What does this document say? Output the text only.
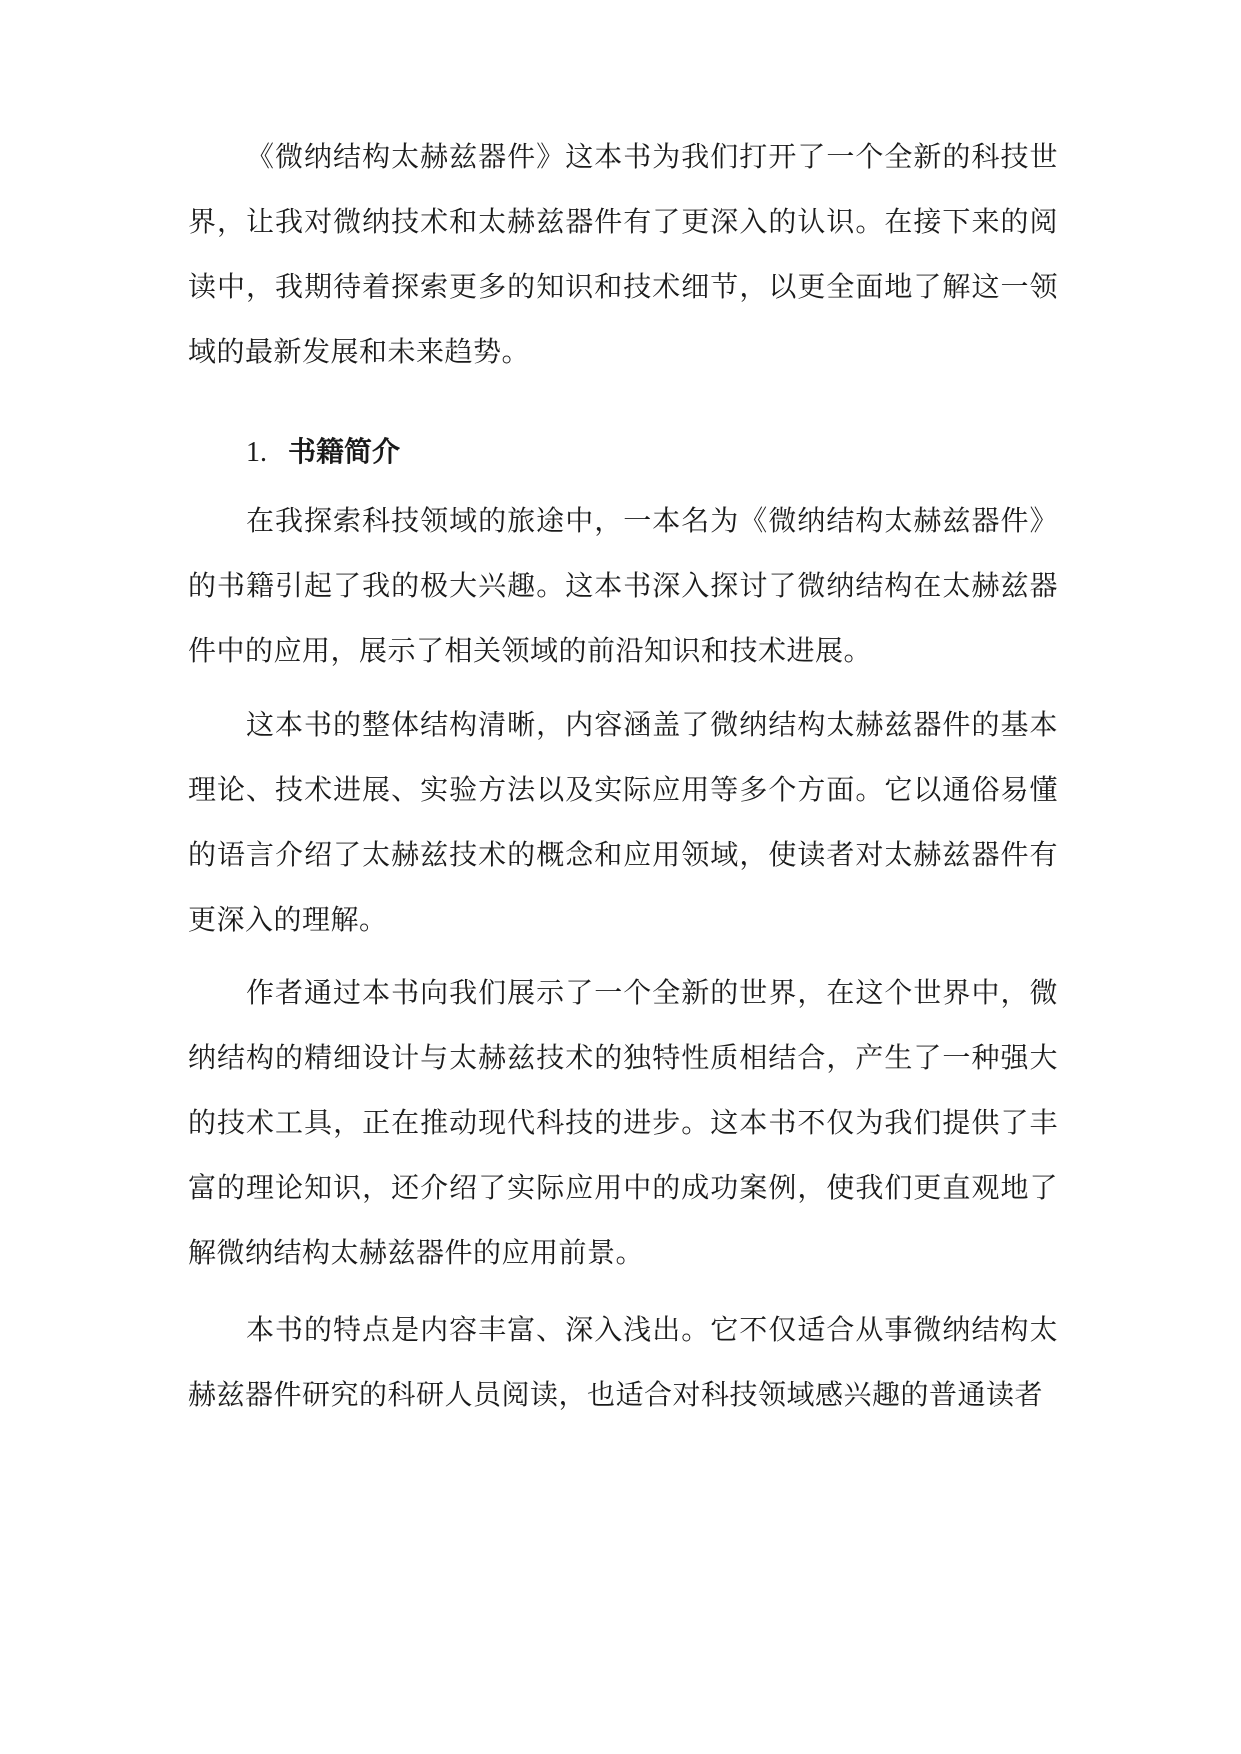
《微纳结构太赫兹器件》这本书为我们打开了一个全新的科技世界，让我对微纳技术和太赫兹器件有了更深入的认识。在接下来的阅读中，我期待着探索更多的知识和技术细节，以更全面地了解这一领域的最新发展和未来趋势。

1. 书籍简介

在我探索科技领域的旅途中，一本名为《微纳结构太赫兹器件》的书籍引起了我的极大兴趣。这本书深入探讨了微纳结构在太赫兹器件中的应用，展示了相关领域的前沿知识和技术进展。

这本书的整体结构清晰，内容涵盖了微纳结构太赫兹器件的基本理论、技术进展、实验方法以及实际应用等多个方面。它以通俗易懂的语言介绍了太赫兹技术的概念和应用领域，使读者对太赫兹器件有更深入的理解。

作者通过本书向我们展示了一个全新的世界，在这个世界中，微纳结构的精细设计与太赫兹技术的独特性质相结合，产生了一种强大的技术工具，正在推动现代科技的进步。这本书不仅为我们提供了丰富的理论知识，还介绍了实际应用中的成功案例，使我们更直观地了解微纳结构太赫兹器件的应用前景。

本书的特点是内容丰富、深入浅出。它不仅适合从事微纳结构太赫兹器件研究的科研人员阅读，也适合对科技领域感兴趣的普通读者
